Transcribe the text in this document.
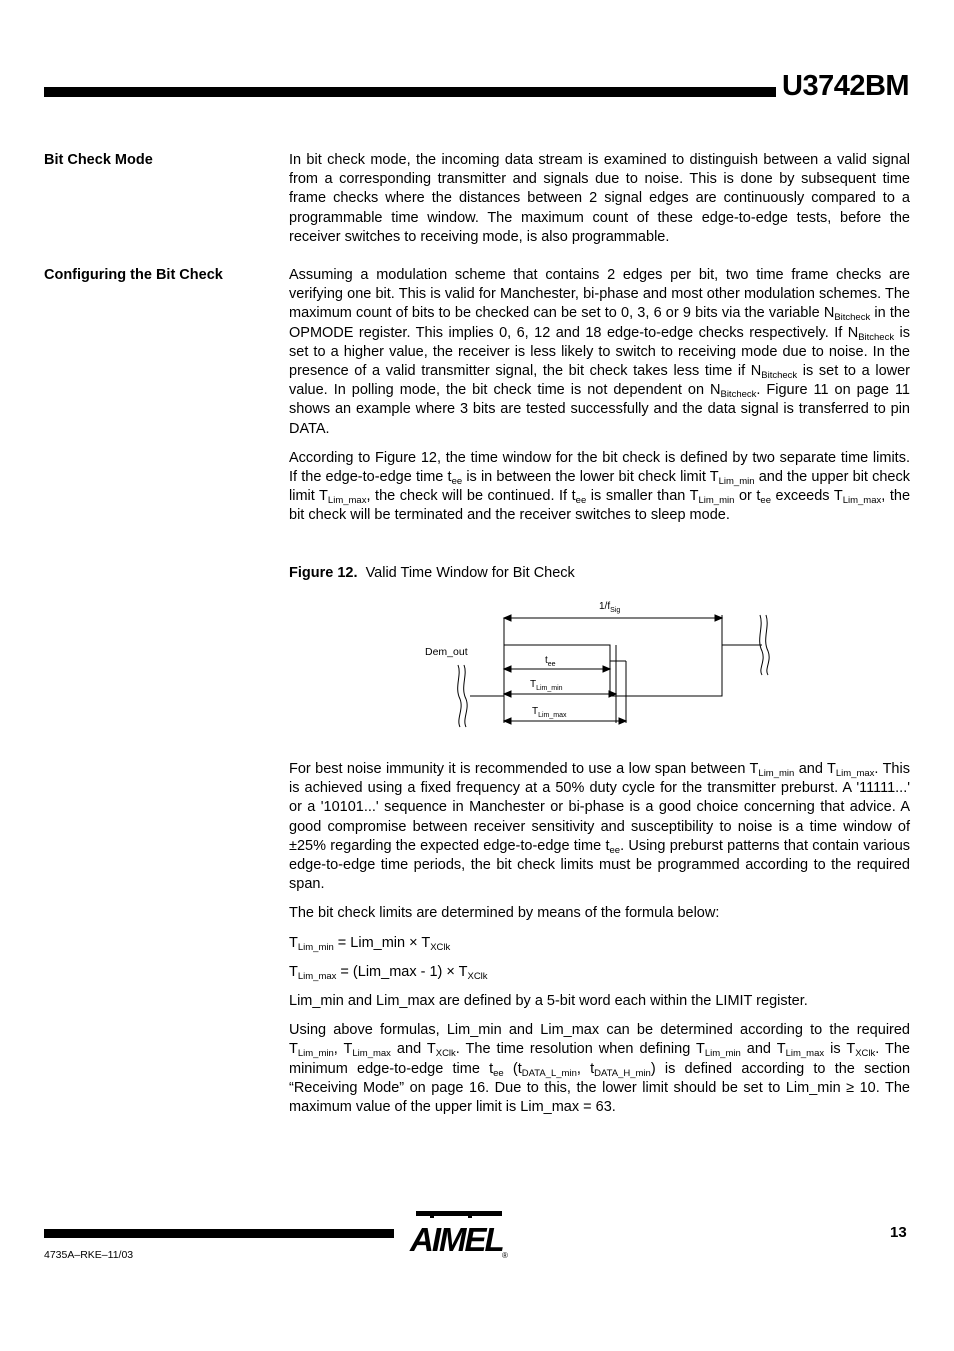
U3742BM
Bit Check Mode	In bit check mode, the incoming data stream is examined to distinguish between a valid signal from a corresponding transmitter and signals due to noise. This is done by subsequent time frame checks where the distances between 2 signal edges are continuously compared to a programmable time window. The maximum count of these edge-to-edge tests, before the receiver switches to receiving mode, is also programmable.

Configuring the Bit Check	Assuming a modulation scheme that contains 2 edges per bit, two time frame checks are verifying one bit. This is valid for Manchester, bi-phase and most other modulation schemes. The maximum count of bits to be checked can be set to 0, 3, 6 or 9 bits via the variable $N_{Bitcheck}$ in the OPMODE register. This implies 0, 6, 12 and 18 edge-to-edge checks respectively. If $N_{Bitcheck}$ is set to a higher value, the receiver is less likely to switch to receiving mode due to noise. In the presence of a valid transmitter signal, the bit check takes less time if $N_{Bitcheck}$ is set to a lower value. In polling mode, the bit check time is not dependent on $N_{Bitcheck}$. Figure 11 on page 11 shows an example where 3 bits are tested successfully and the data signal is transferred to pin DATA.

According to Figure 12, the time window for the bit check is defined by two separate time limits. If the edge-to-edge time $t_{ee}$ is in between the lower bit check limit $T_{Lim\_min}$ and the upper bit check limit $T_{Lim\_max}$, the check will be continued. If $t_{ee}$ is smaller than $T_{Lim\_min}$ or $t_{ee}$ exceeds $T_{Lim\_max}$, the bit check will be terminated and the receiver switches to sleep mode.

Figure 12. Valid Time Window for Bit Check
$1/f_{Sig}$
Dem_out
$t_{ee}$
$T_{Lim\_min}$
$T_{Lim\_max}$

For best noise immunity it is recommended to use a low span between $T_{Lim\_min}$ and $T_{Lim\_max}$. This is achieved using a fixed frequency at a 50% duty cycle for the transmitter preburst. A '11111...' or a '10101...' sequence in Manchester or bi-phase is a good choice concerning that advice. A good compromise between receiver sensitivity and susceptibility to noise is a time window of ±25% regarding the expected edge-to-edge time $t_{ee}$. Using preburst patterns that contain various edge-to-edge time periods, the bit check limits must be programmed according to the required span.

The bit check limits are determined by means of the formula below:

$T_{Lim\_min}$ = Lim_min × $T_{XClk}$

$T_{Lim\_max}$ = (Lim_max - $1) \times T_{XClk}$

Lim_min and Lim_max are defined by a 5-bit word each within the LIMIT register.

Using above formulas, Lim_min and Lim_max can be determined according to the required $T_{Lim\_min}$, $T_{Lim\_max}$ and $T_{XClk}$. The time resolution when defining $T_{Lim\_min}$ and $T_{Lim\_max}$ is $T_{XClk}$. The minimum edge-to-edge time $t_{ee}$ ($t_{DATA\_L\_min}$, $t_{DATA\_H\_min}$) is defined according to the section “Receiving Mode” on page 16. Due to this, the lower limit should be set to Lim_min ≥ 10. The maximum value of the upper limit is Lim_max = 63.

AIMEL ®
13
4735A–RKE–11/03
